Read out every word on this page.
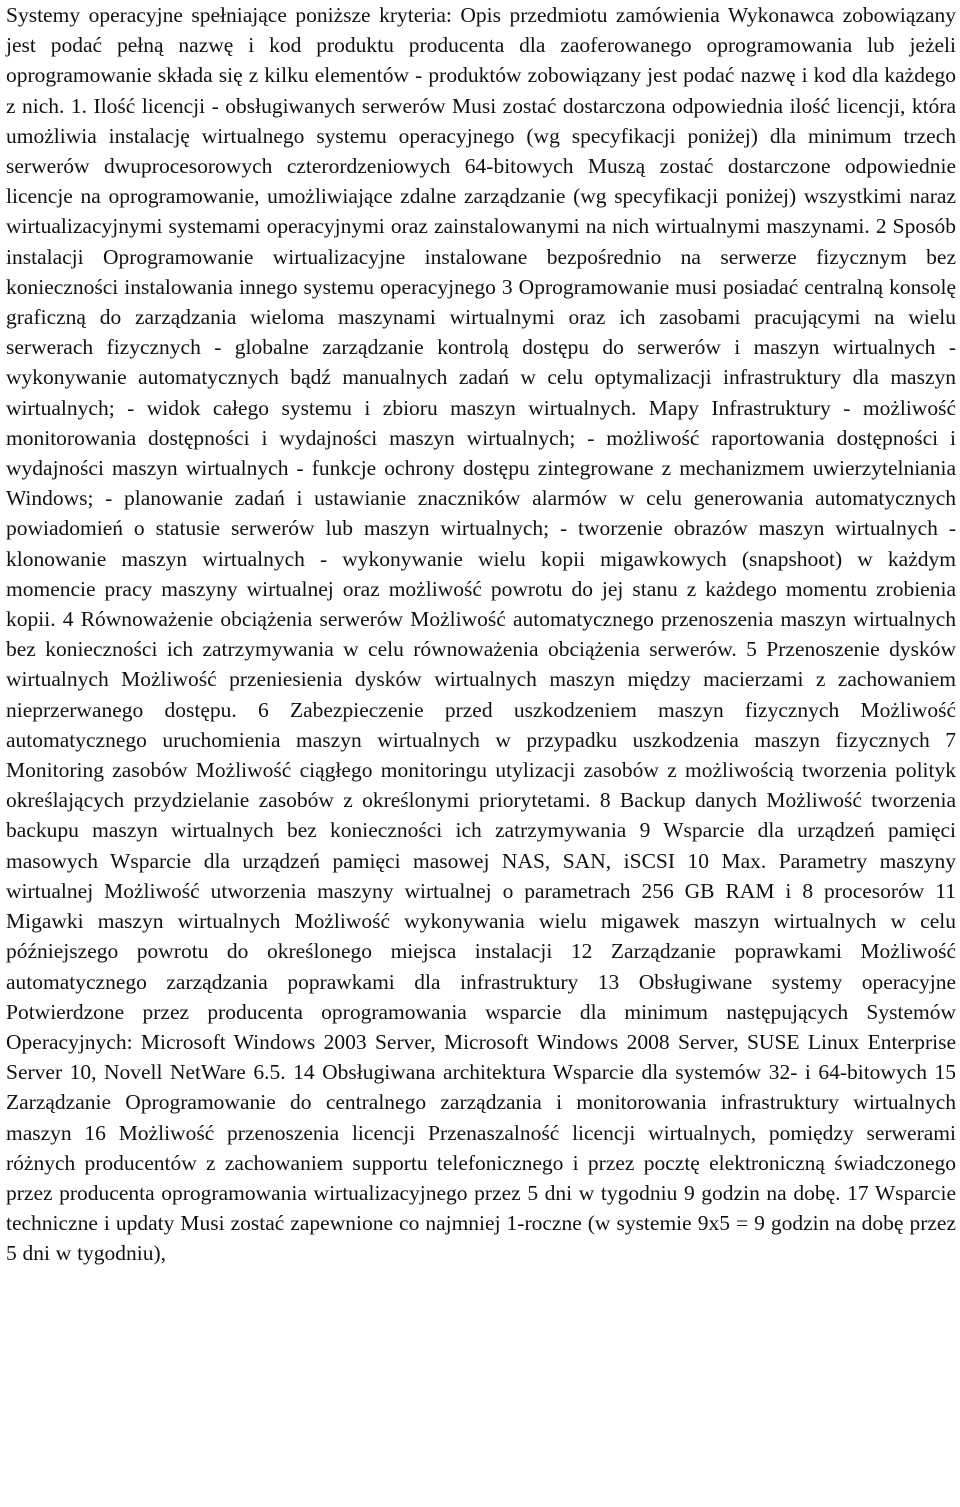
Systemy operacyjne spełniające poniższe kryteria: Opis przedmiotu zamówienia Wykonawca zobowiązany jest podać pełną nazwę i kod produktu producenta dla zaoferowanego oprogramowania lub jeżeli oprogramowanie składa się z kilku elementów - produktów zobowiązany jest podać nazwę i kod dla każdego z nich. 1. Ilość licencji - obsługiwanych serwerów Musi zostać dostarczona odpowiednia ilość licencji, która umożliwia instalację wirtualnego systemu operacyjnego (wg specyfikacji poniżej) dla minimum trzech serwerów dwuprocesorowych czterordzeniowych 64-bitowych Muszą zostać dostarczone odpowiednie licencje na oprogramowanie, umożliwiające zdalne zarządzanie (wg specyfikacji poniżej) wszystkimi naraz wirtualizacyjnymi systemami operacyjnymi oraz zainstalowanymi na nich wirtualnymi maszynami. 2 Sposób instalacji Oprogramowanie wirtualizacyjne instalowane bezpośrednio na serwerze fizycznym bez konieczności instalowania innego systemu operacyjnego 3 Oprogramowanie musi posiadać centralną konsolę graficzną do zarządzania wieloma maszynami wirtualnymi oraz ich zasobami pracującymi na wielu serwerach fizycznych - globalne zarządzanie kontrolą dostępu do serwerów i maszyn wirtualnych - wykonywanie automatycznych bądź manualnych zadań w celu optymalizacji infrastruktury dla maszyn wirtualnych; - widok całego systemu i zbioru maszyn wirtualnych. Mapy Infrastruktury - możliwość monitorowania dostępności i wydajności maszyn wirtualnych; - możliwość raportowania dostępności i wydajności maszyn wirtualnych - funkcje ochrony dostępu zintegrowane z mechanizmem uwierzytelniania Windows; - planowanie zadań i ustawianie znaczników alarmów w celu generowania automatycznych powiadomień o statusie serwerów lub maszyn wirtualnych; - tworzenie obrazów maszyn wirtualnych - klonowanie maszyn wirtualnych - wykonywanie wielu kopii migawkowych (snapshoot) w każdym momencie pracy maszyny wirtualnej oraz możliwość powrotu do jej stanu z każdego momentu zrobienia kopii. 4 Równoważenie obciążenia serwerów Możliwość automatycznego przenoszenia maszyn wirtualnych bez konieczności ich zatrzymywania w celu równoważenia obciążenia serwerów. 5 Przenoszenie dysków wirtualnych Możliwość przeniesienia dysków wirtualnych maszyn między macierzami z zachowaniem nieprzerwanego dostępu. 6 Zabezpieczenie przed uszkodzeniem maszyn fizycznych Możliwość automatycznego uruchomienia maszyn wirtualnych w przypadku uszkodzenia maszyn fizycznych 7 Monitoring zasobów Możliwość ciągłego monitoringu utylizacji zasobów z możliwością tworzenia polityk określających przydzielanie zasobów z określonymi priorytetami. 8 Backup danych Możliwość tworzenia backupu maszyn wirtualnych bez konieczności ich zatrzymywania 9 Wsparcie dla urządzeń pamięci masowych Wsparcie dla urządzeń pamięci masowej NAS, SAN, iSCSI 10 Max. Parametry maszyny wirtualnej Możliwość utworzenia maszyny wirtualnej o parametrach 256 GB RAM i 8 procesorów 11 Migawki maszyn wirtualnych Możliwość wykonywania wielu migawek maszyn wirtualnych w celu późniejszego powrotu do określonego miejsca instalacji 12 Zarządzanie poprawkami Możliwość automatycznego zarządzania poprawkami dla infrastruktury 13 Obsługiwane systemy operacyjne Potwierdzone przez producenta oprogramowania wsparcie dla minimum następujących Systemów Operacyjnych: Microsoft Windows 2003 Server, Microsoft Windows 2008 Server, SUSE Linux Enterprise Server 10, Novell NetWare 6.5. 14 Obsługiwana architektura Wsparcie dla systemów 32- i 64-bitowych 15 Zarządzanie Oprogramowanie do centralnego zarządzania i monitorowania infrastruktury wirtualnych maszyn 16 Możliwość przenoszenia licencji Przenaszalność licencji wirtualnych, pomiędzy serwerami różnych producentów z zachowaniem supportu telefonicznego i przez pocztę elektroniczną świadczonego przez producenta oprogramowania wirtualizacyjnego przez 5 dni w tygodniu 9 godzin na dobę. 17 Wsparcie techniczne i updaty Musi zostać zapewnione co najmniej 1-roczne (w systemie 9x5 = 9 godzin na dobę przez 5 dni w tygodniu),
